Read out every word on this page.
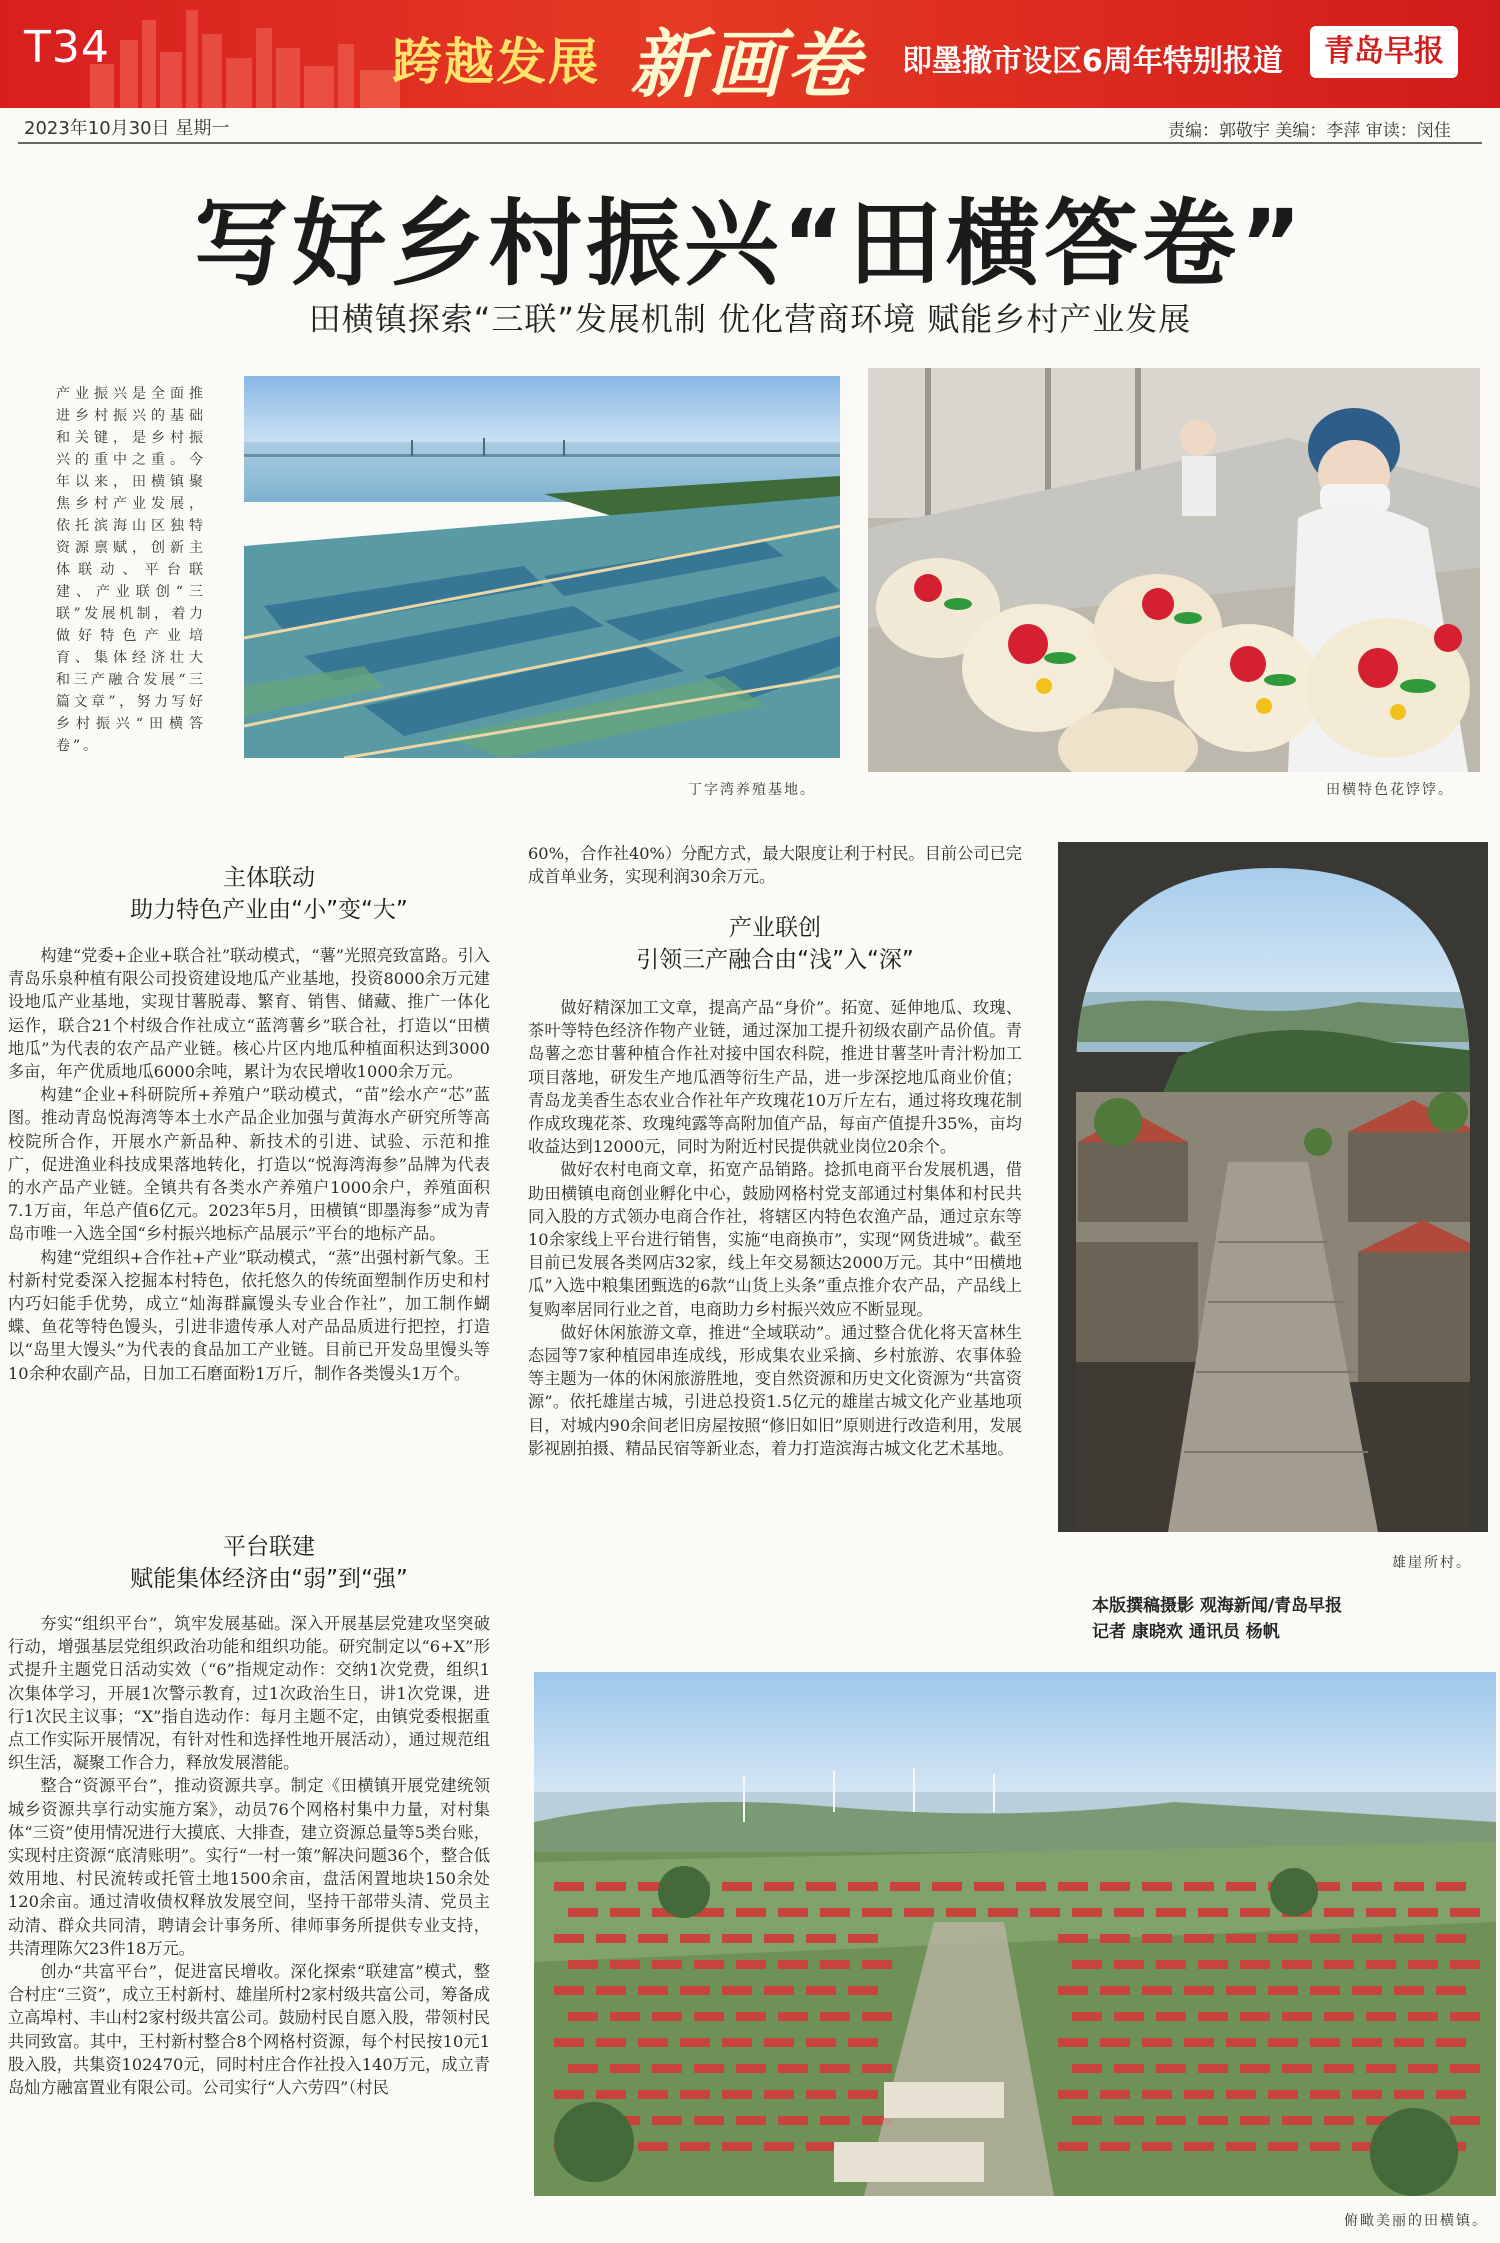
T34	跨越发展 新画卷 即墨撤市设区6周年特别报道	青岛早报
2023年10月30日 星期一	责编：郭敬宇 美编：李萍 审读：闵佳
写好乡村振兴“田横答卷”
田横镇探索“三联”发展机制 优化营商环境 赋能乡村产业发展
产业振兴是全面推进乡村振兴的基础和关键，是乡村振兴的重中之重。今年以来，田横镇聚焦乡村产业发展，依托滨海山区独特资源禀赋，创新主体联动、平台联建、产业联创“三联”发展机制，着力做好特色产业培育、集体经济壮大和三产融合发展“三篇文章”，努力写好乡村振兴“田横答卷”。
丁字湾养殖基地。	田横特色花饽饽。
主体联动
助力特色产业由“小”变“大”

构建“党委+企业+联合社”联动模式，“薯”光照亮致富路。引入青岛乐泉种植有限公司投资建设地瓜产业基地，投资8000余万元建设地瓜产业基地，实现甘薯脱毒、繁育、销售、储藏、推广一体化运作，联合21个村级合作社成立“蓝湾薯乡”联合社，打造以“田横地瓜”为代表的农产品产业链。核心片区内地瓜种植面积达到3000多亩，年产优质地瓜6000余吨，累计为农民增收1000余万元。

构建“企业+科研院所+养殖户”联动模式，“苗”绘水产“芯”蓝图。推动青岛悦海湾等本土水产品企业加强与黄海水产研究所等高校院所合作，开展水产新品种、新技术的引进、试验、示范和推广，促进渔业科技成果落地转化，打造以“悦海湾海参”品牌为代表的水产品产业链。全镇共有各类水产养殖户1000余户，养殖面积7.1万亩，年总产值6亿元。2023年5月，田横镇“即墨海参”成为青岛市唯一入选全国“乡村振兴地标产品展示”平台的地标产品。

构建“党组织+合作社+产业”联动模式，“蒸”出强村新气象。王村新村党委深入挖掘本村特色，依托悠久的传统面塑制作历史和村内巧妇能手优势，成立“灿海群赢馒头专业合作社”，加工制作蝴蝶、鱼花等特色馒头，引进非遗传承人对产品品质进行把控，打造以“岛里大馒头”为代表的食品加工产业链。目前已开发岛里馒头等10余种农副产品，日加工石磨面粉1万斤，制作各类馒头1万个。

平台联建
赋能集体经济由“弱”到“强”

夯实“组织平台”，筑牢发展基础。深入开展基层党建攻坚突破行动，增强基层党组织政治功能和组织功能。研究制定以“6+X”形式提升主题党日活动实效（“6”指规定动作：交纳1次党费，组织1次集体学习，开展1次警示教育，过1次政治生日，讲1次党课，进行1次民主议事；“X”指自选动作：每月主题不定，由镇党委根据重点工作实际开展情况，有针对性和选择性地开展活动），通过规范组织生活，凝聚工作合力，释放发展潜能。

整合“资源平台”，推动资源共享。制定《田横镇开展党建统领城乡资源共享行动实施方案》，动员76个网格村集中力量，对村集体“三资”使用情况进行大摸底、大排查，建立资源总量等5类台账，实现村庄资源“底清账明”。实行“一村一策”解决问题36个，整合低效用地、村民流转或托管土地1500余亩，盘活闲置地块150余处120余亩。通过清收债权释放发展空间，坚持干部带头清、党员主动清、群众共同清，聘请会计事务所、律师事务所提供专业支持，共清理陈欠23件18万元。

创办“共富平台”，促进富民增收。深化探索“联建富”模式，整合村庄“三资”，成立王村新村、雄崖所村2家村级共富公司，筹备成立高埠村、丰山村2家村级共富公司。鼓励村民自愿入股，带领村民共同致富。其中，王村新村整合8个网格村资源，每个村民按10元1股入股，共集资102470元，同时村庄合作社投入140万元，成立青岛灿方融富置业有限公司。公司实行“人六劳四”（村民

60%，合作社40%）分配方式，最大限度让利于村民。目前公司已完成首单业务，实现利润30余万元。
产业联创
引领三产融合由“浅”入“深”

做好精深加工文章，提高产品“身价”。拓宽、延伸地瓜、玫瑰、茶叶等特色经济作物产业链，通过深加工提升初级农副产品价值。青岛薯之恋甘薯种植合作社对接中国农科院，推进甘薯茎叶青汁粉加工项目落地，研发生产地瓜酒等衍生产品，进一步深挖地瓜商业价值；青岛龙美香生态农业合作社年产玫瑰花10万斤左右，通过将玫瑰花制作成玫瑰花茶、玫瑰纯露等高附加值产品，每亩产值提升35%，亩均收益达到12000元，同时为附近村民提供就业岗位20余个。

做好农村电商文章，拓宽产品销路。捻抓电商平台发展机遇，借助田横镇电商创业孵化中心，鼓励网格村党支部通过村集体和村民共同入股的方式领办电商合作社，将辖区内特色农渔产品，通过京东等10余家线上平台进行销售，实施“电商换市”，实现“网货进城”。截至目前已发展各类网店32家，线上年交易额达2000万元。其中“田横地瓜”入选中粮集团甄选的6款“山货上头条”重点推介农产品，产品线上复购率居同行业之首，电商助力乡村振兴效应不断显现。

做好休闲旅游文章，推进“全域联动”。通过整合优化将天富林生态园等7家种植园串连成线，形成集农业采摘、乡村旅游、农事体验等主题为一体的休闲旅游胜地，变自然资源和历史文化资源为“共富资源”。依托雄崖古城，引进总投资1.5亿元的雄崖古城文化产业基地项目，对城内90余间老旧房屋按照“修旧如旧”原则进行改造利用，发展影视剧拍摄、精品民宿等新业态，着力打造滨海古城文化艺术基地。

雄崖所村。
本版撰稿摄影 观海新闻/青岛早报
记者 康晓欢 通讯员 杨帆
俯瞰美丽的田横镇。
